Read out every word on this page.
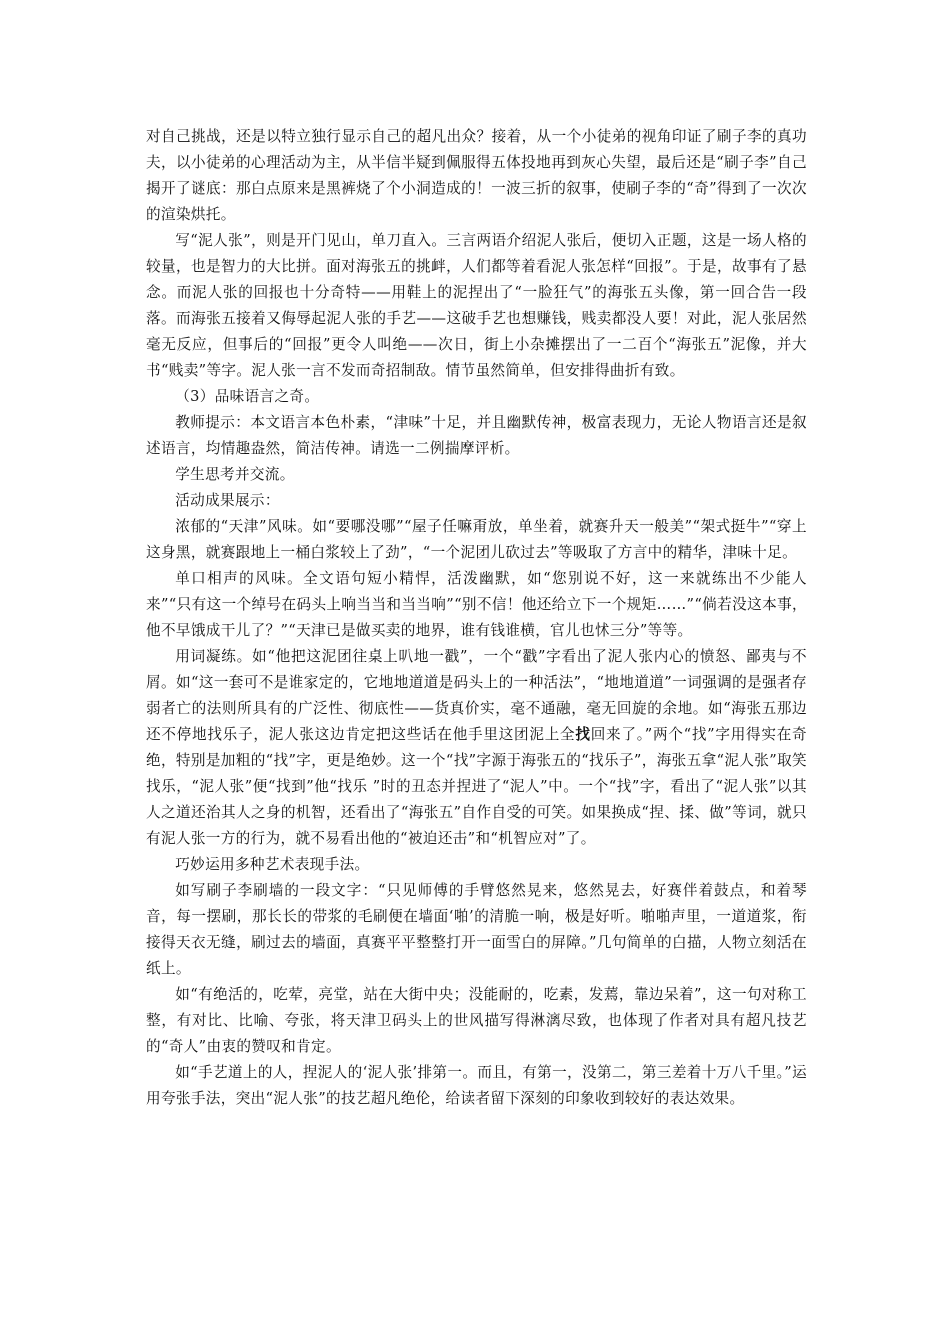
对自己挑战，还是以特立独行显示自己的超凡出众？接着，从一个小徒弟的视角印证了刷子李的真功夫，以小徒弟的心理活动为主，从半信半疑到佩服得五体投地再到灰心失望，最后还是“刷子李”自己揭开了谜底：那白点原来是黑裤烧了个小洞造成的！一波三折的叙事，使刷子李的“奇”得到了一次次的渲染烘托。

写“泥人张”，则是开门见山，单刀直入。三言两语介绍泥人张后，便切入正题，这是一场人格的较量，也是智力的大比拼。面对海张五的挑衅，人们都等着看泥人张怎样“回报”。于是，故事有了悬念。而泥人张的回报也十分奇特——用鞋上的泥捏出了“一脸狂气”的海张五头像，第一回合告一段落。而海张五接着又侮辱起泥人张的手艺——这破手艺也想赚钱，贱卖都没人要！对此，泥人张居然毫无反应，但事后的“回报”更令人叫绝——次日，街上小杂摊摆出了一二百个“海张五”泥像，并大书“贱卖”等字。泥人张一言不发而奇招制敌。情节虽然简单，但安排得曲折有致。

（3）品味语言之奇。

教师提示：本文语言本色朴素，“津味”十足，并且幽默传神，极富表现力，无论人物语言还是叙述语言，均情趣盎然，简洁传神。请选一二例揣摩评析。

学生思考并交流。

活动成果展示：

浓郁的“天津”风味。如“要哪没哪”“屋子任嘛甭放，单坐着，就赛升天一般美”“架式挺牛”“穿上这身黑，就赛跟地上一桶白浆较上了劲”，“一个泥团儿砍过去”等吸取了方言中的精华，津味十足。

单口相声的风味。全文语句短小精悍，活泼幽默，如“您别说不好，这一来就练出不少能人来”“只有这一个绰号在码头上响当当和当当响”“别不信！他还给立下一个规矩……”“倘若没这本事，他不早饿成干儿了？”“天津已是做买卖的地界，谁有钱谁横，官儿也怵三分”等等。

用词凝练。如“他把这泥团往桌上叭地一戳”，一个“戳”字看出了泥人张内心的愤怒、鄙夷与不屑。如“这一套可不是谁家定的，它地地道道是码头上的一种活法”，“地地道道”一词强调的是强者存弱者亡的法则所具有的广泛性、彻底性——货真价实，毫不通融，毫无回旋的余地。如“海张五那边还不停地找乐子，泥人张这边肯定把这些话在他手里这团泥上全找回来了。”两个“找”字用得实在奇绝，特别是加粗的“找”字，更是绝妙。这一个“找”字源于海张五的“找乐子”，海张五拿“泥人张”取笑找乐，“泥人张”便“找到”他“找乐 ”时的丑态并捏进了“泥人”中。一个“找”字，看出了“泥人张”以其人之道还治其人之身的机智，还看出了“海张五”自作自受的可笑。如果换成“捏、揉、做”等词，就只有泥人张一方的行为，就不易看出他的“被迫还击”和“机智应对”了。

巧妙运用多种艺术表现手法。

如写刷子李刷墙的一段文字：“只见师傅的手臂悠然晃来，悠然晃去，好赛伴着鼓点，和着琴音，每一摆刷，那长长的带浆的毛刷便在墙面‘啪’的清脆一响，极是好听。啪啪声里，一道道浆，衔接得天衣无缝，刷过去的墙面，真赛平平整整打开一面雪白的屏障。”几句简单的白描，人物立刻活在纸上。

如“有绝活的，吃荤，亮堂，站在大街中央；没能耐的，吃素，发蔫，靠边呆着”，这一句对称工整，有对比、比喻、夸张，将天津卫码头上的世风描写得淋漓尽致，也体现了作者对具有超凡技艺的“奇人”由衷的赞叹和肯定。

如“手艺道上的人，捏泥人的‘泥人张’排第一。而且，有第一，没第二，第三差着十万八千里。”运用夸张手法，突出“泥人张”的技艺超凡绝伦，给读者留下深刻的印象收到较好的表达效果。
